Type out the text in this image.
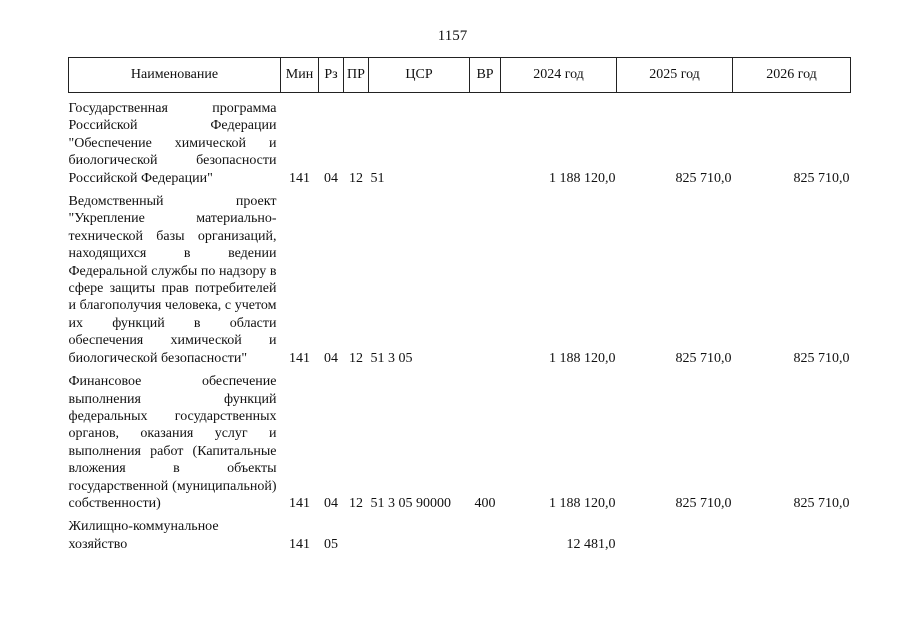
1157
Наименование	Мин	Рз	ПР	ЦСР	ВР	2024 год	2025 год	2026 год
Государственная программа Российской Федерации "Обеспечение химической и биологической безопасности Российской Федерации"	141	04	12	51		1 188 120,0	825 710,0	825 710,0
Ведомственный проект "Укрепление материально-технической базы организаций, находящихся в ведении Федеральной службы по надзору в сфере защиты прав потребителей и благополучия человека, с учетом их функций в области обеспечения химической и биологической безопасности"	141	04	12	51 3 05		1 188 120,0	825 710,0	825 710,0
Финансовое обеспечение выполнения функций федеральных государственных органов, оказания услуг и выполнения работ (Капитальные вложения в объекты государственной (муниципальной) собственности)	141	04	12	51 3 05 90000	400	1 188 120,0	825 710,0	825 710,0
Жилищно-коммунальное хозяйство	141	05				12 481,0		
